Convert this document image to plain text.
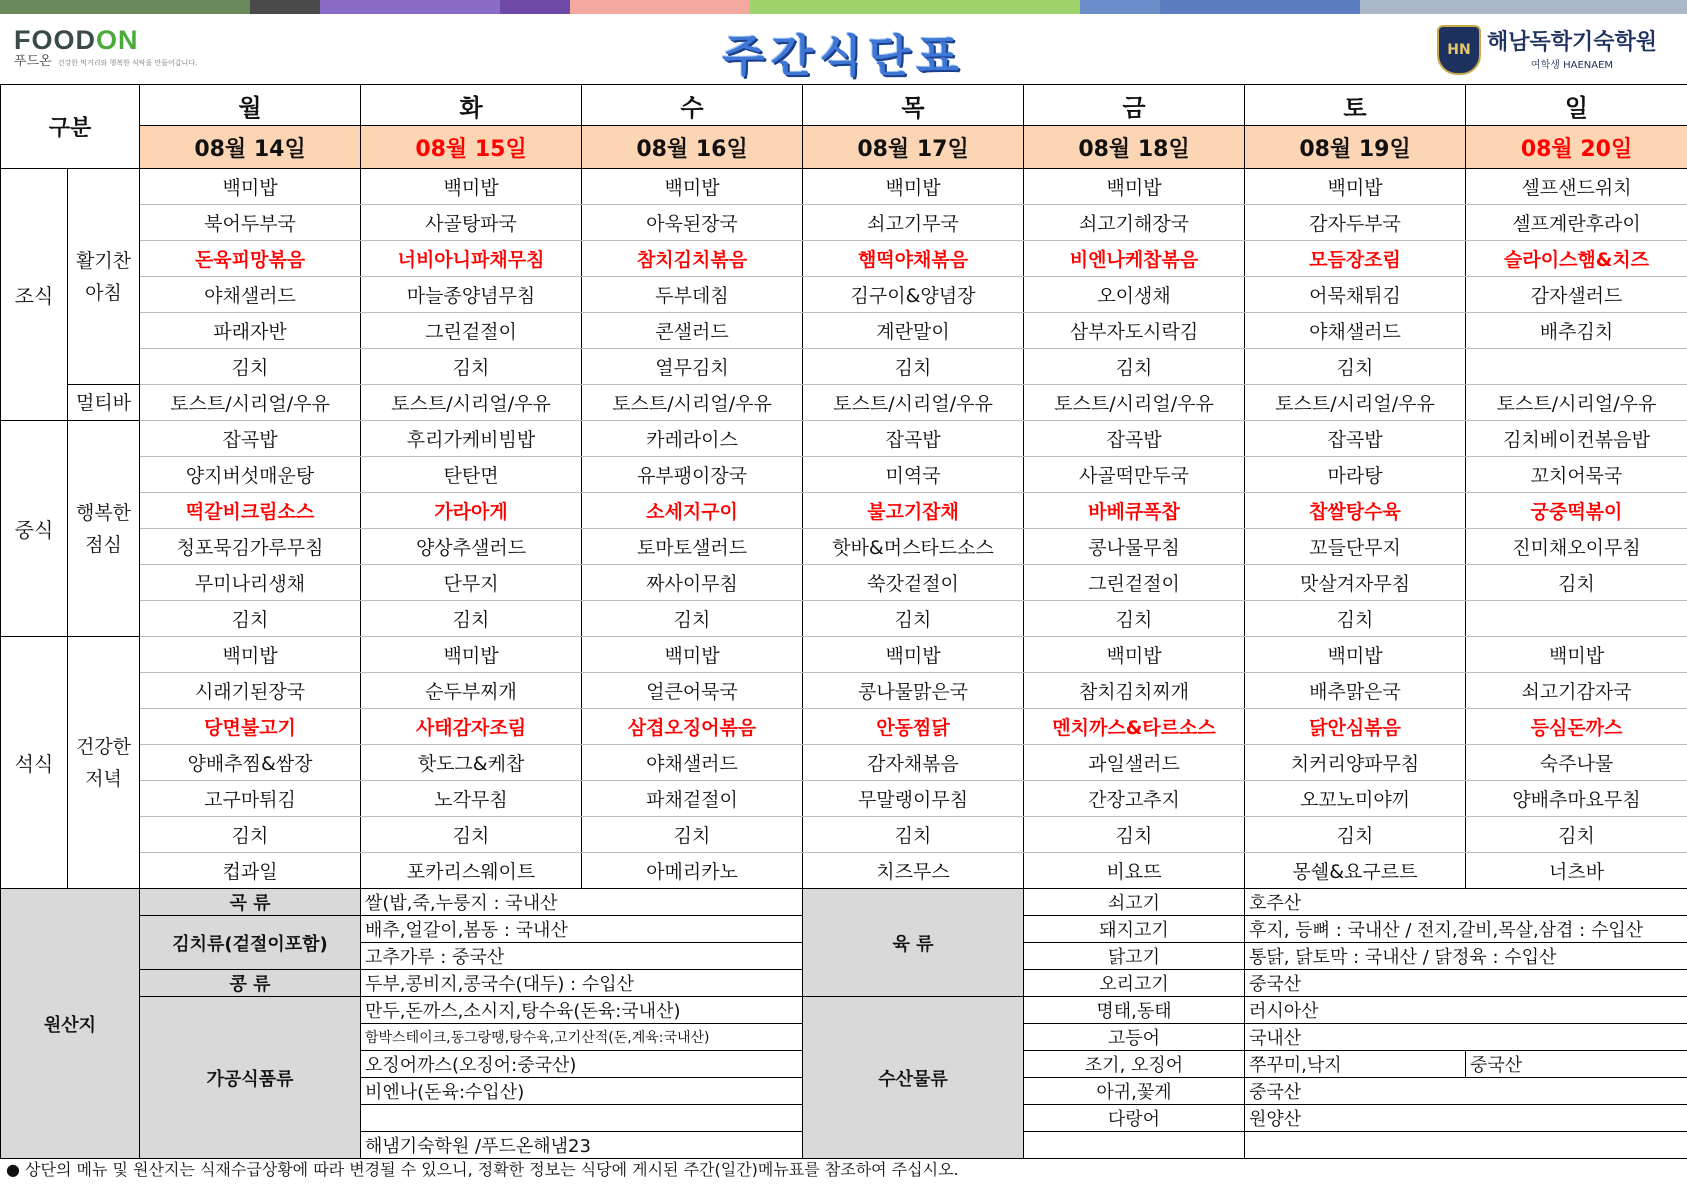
FOODON
푸드온 건강한 먹거리와 행복한 식탁을 만들어갑니다.	주간식단표	HN 해남독학기숙학원
여학생 HAENAEM
구분		월	화	수	목	금	토	일
		08월 14일	08월 15일	08월 16일	08월 17일	08월 18일	08월 19일	08월 20일
조식	활기찬 아침	백미밥	백미밥	백미밥	백미밥	백미밥	백미밥	셀프샌드위치
		북어두부국	사골탕파국	아욱된장국	쇠고기무국	쇠고기해장국	감자두부국	셀프계란후라이
		돈육피망볶음	너비아니파채무침	참치김치볶음	햄떡야채볶음	비엔나케찹볶음	모듬장조림	슬라이스햄&치즈
		야채샐러드	마늘종양념무침	두부데침	김구이&양념장	오이생채	어묵채튀김	감자샐러드
		파래자반	그린겉절이	콘샐러드	계란말이	삼부자도시락김	야채샐러드	배추김치
		김치	김치	열무김치	김치	김치	김치	
	멀티바	토스트/시리얼/우유	토스트/시리얼/우유	토스트/시리얼/우유	토스트/시리얼/우유	토스트/시리얼/우유	토스트/시리얼/우유	토스트/시리얼/우유
중식	행복한 점심	잡곡밥	후리가케비빔밥	카레라이스	잡곡밥	잡곡밥	잡곡밥	김치베이컨볶음밥
		양지버섯매운탕	탄탄면	유부팽이장국	미역국	사골떡만두국	마라탕	꼬치어묵국
		떡갈비크림소스	가라아게	소세지구이	불고기잡채	바베큐폭찹	찹쌀탕수육	궁중떡볶이
		청포묵김가루무침	양상추샐러드	토마토샐러드	핫바&머스타드소스	콩나물무침	꼬들단무지	진미채오이무침
		무미나리생채	단무지	짜사이무침	쑥갓겉절이	그린겉절이	맛살겨자무침	김치
		김치	김치	김치	김치	김치	김치	
석식	건강한 저녁	백미밥	백미밥	백미밥	백미밥	백미밥	백미밥	백미밥
		시래기된장국	순두부찌개	얼큰어묵국	콩나물맑은국	참치김치찌개	배추맑은국	쇠고기감자국
		당면불고기	사태감자조림	삼겹오징어볶음	안동찜닭	멘치까스&타르소스	닭안심볶음	등심돈까스
		양배추찜&쌈장	핫도그&케찹	야채샐러드	감자채볶음	과일샐러드	치커리양파무침	숙주나물
		고구마튀김	노각무침	파채겉절이	무말랭이무침	간장고추지	오꼬노미야끼	양배추마요무침
		김치	김치	김치	김치	김치	김치	김치
		컵과일	포카리스웨이트	아메리카노	치즈무스	비요뜨	몽쉘&요구르트	너츠바
원산지	곡 류	쌀(밥,죽,누룽지 : 국내산	육 류	쇠고기	호주산	
	김치류(겉절이포함)	배추,얼갈이,봄동 : 국내산		돼지고기	후지, 등뼈 : 국내산 / 전지,갈비,목살,삼겹 : 수입산	
		고추가루 : 중국산		닭고기	통닭, 닭토막 : 국내산 / 닭정육 : 수입산	
	콩 류	두부,콩비지,콩국수(대두) : 수입산		오리고기	중국산	
	가공식품류	만두,돈까스,소시지,탕수육(돈육:국내산)	수산물류	명태,동태	러시아산	
		함박스테이크,동그랑땡,탕수육,고기산적(돈,계육:국내산)		고등어	국내산	
		오징어까스(오징어:중국산)		조기, 오징어	쭈꾸미,낙지	중국산
		비엔나(돈육:수입산)		아귀,꽃게	중국산	
				다랑어	원양산	
		해냄기숙학원 /푸드온해냄23				
● 상단의 메뉴 및 원산지는 식재수급상황에 따라 변경될 수 있으니, 정확한 정보는 식당에 게시된 주간(일간)메뉴표를 참조하여 주십시오.
